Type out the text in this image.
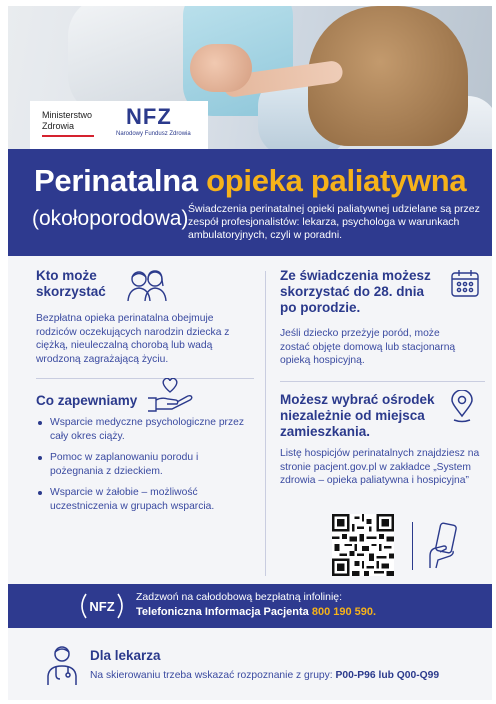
Ministerstwo
Zdrowia	NFZ
Narodowy Fundusz Zdrowia
Perinatalna opieka paliatywna
(okołoporodowa) Świadczenia perinatalnej opieki paliatywnej udzielane są przez zespół profesjonalistów: lekarza, psychologa w warunkach ambulatoryjnych, czyli w poradni.
Kto może
skorzystać

Bezpłatna opieka perinatalna obejmuje rodziców oczekujących narodzin dziecka z ciężką, nieuleczalną chorobą lub wadą wrodzoną zagrażającą życiu.

Co zapewniamy
Wsparcie medyczne psychologiczne przez cały okres ciąży.
Pomoc w zaplanowaniu porodu i pożegnania z dzieckiem.
Wsparcie w żałobie – możliwość uczestniczenia w grupach wsparcia.
Ze świadczenia możesz skorzystać do 28. dnia po porodzie.

Jeśli dziecko przeżyje poród, może zostać objęte domową lub stacjonarną opieką hospicyjną.

Możesz wybrać ośrodek niezależnie od miejsca zamieszkania.

Listę hospicjów perinatalnych znajdziesz na stronie pacjent.gov.pl w zakładce „System zdrowia – opieka paliatywna i hospicyjna”

NFZ
Zadzwoń na całodobową bezpłatną infolinię:
Telefoniczna Informacja Pacjenta 800 190 590.
Dla lekarza
Na skierowaniu trzeba wskazać rozpoznanie z grupy: P00-P96 lub Q00-Q99
